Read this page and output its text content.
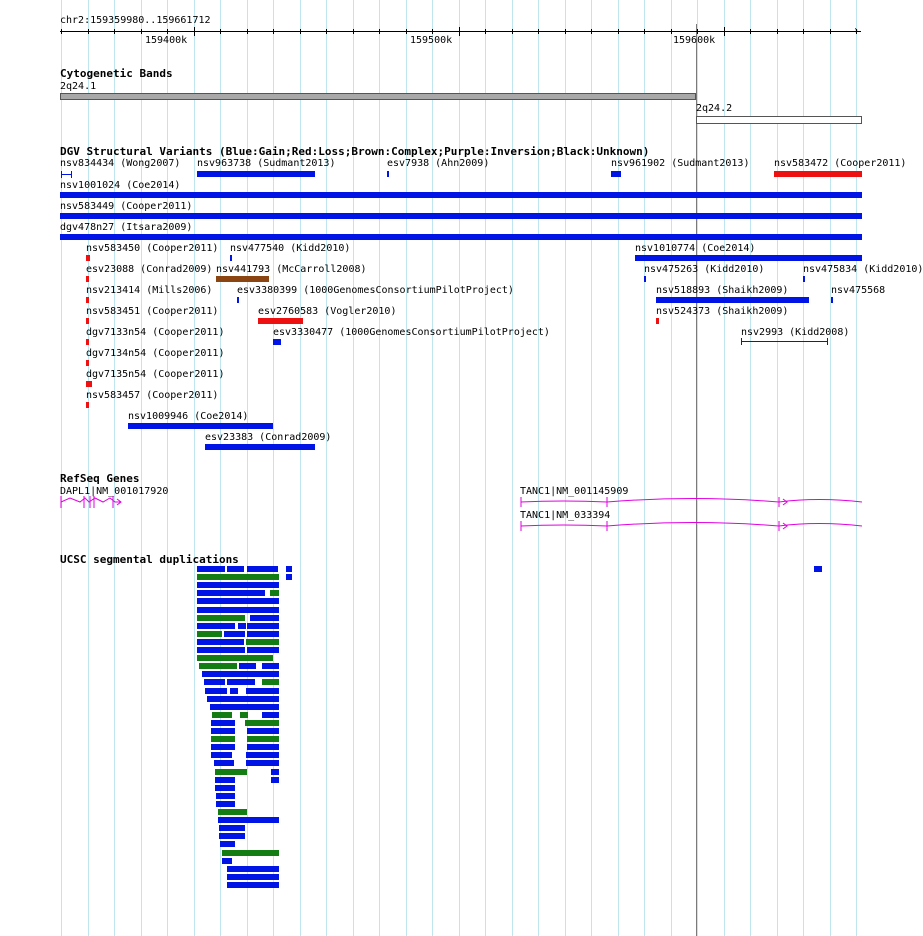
chr2:159359980..159661712
159400k	159500k	159600k
›
Cytogenetic Bands
2q24.1
2q24.2
DGV Structural Variants (Blue:Gain;Red:Loss;Brown:Complex;Purple:Inversion;Black:Unknown)
nsv834434 (Wong2007) nsv963738 (Sudmant2013)	esv7938 (Ahn2009)	nsv961902 (Sudmant2013) nsv583472 (Cooper2011)
nsv1001024 (Coe2014)
nsv583449 (Cooper2011)
dgv478n27 (Itsara2009)
nsv583450 (Cooper2011) nsv477540 (Kidd2010)	nsv1010774 (Coe2014)
esv23088 (Conrad2009) nsv441793 (McCarroll2008)	nsv475263 (Kidd2010)	nsv475834 (Kidd2010)
nsv213414 (Mills2006) esv3380399 (1000GenomesConsortiumPilotProject)	nsv518893 (Shaikh2009)	nsv475568
nsv583451 (Cooper2011)	esv2760583 (Vogler2010)	nsv524373 (Shaikh2009)
dgv7133n54 (Cooper2011)	esv3330477 (1000GenomesConsortiumPilotProject)	nsv2993 (Kidd2008)
dgv7134n54 (Cooper2011)
dgv7135n54 (Cooper2011)
nsv583457 (Cooper2011)
nsv1009946 (Coe2014)
esv23383 (Conrad2009)
RefSeq Genes
DAPL1|NM_001017920	TANC1|NM_001145909
TANC1|NM_033394
UCSC segmental duplications
